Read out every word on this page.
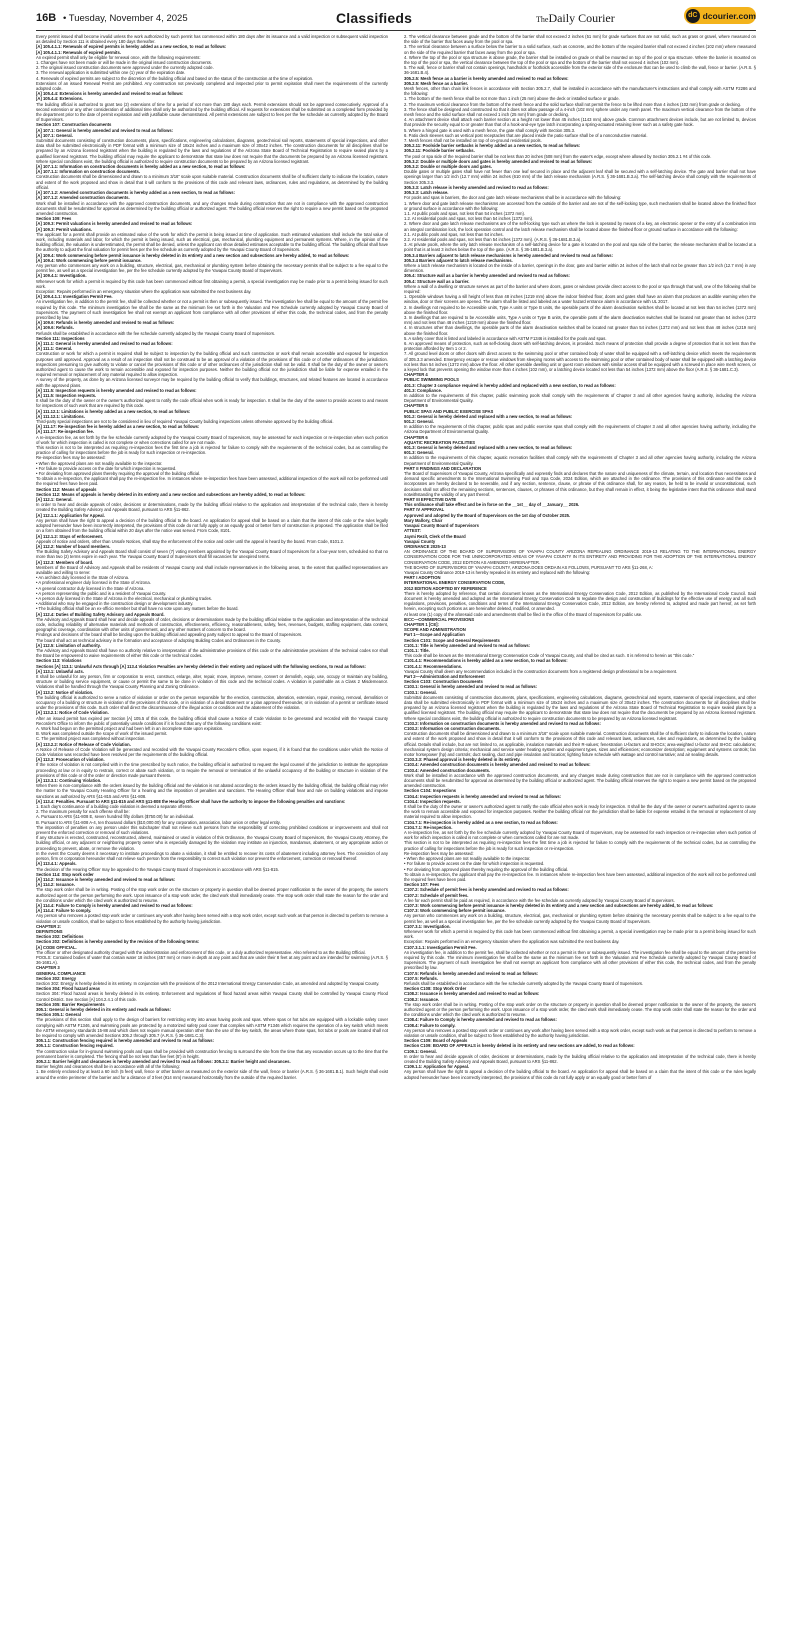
16B • Tuesday, November 4, 2025	Classifieds	TheDaily Courier	dC dcourier.com

Every permit issued shall become invalid unless the work authorized by such permit has commenced within 180 days after its issuance and a valid inspection or subsequent valid inspection as detailed by Section 111 is obtained every 180 days thereafter.

[A] 105.4.1.1: Renewals of expired permits is hereby added as a new section, to read as follows:

[A] 105.4.1.1: Renewals of expired permits.

An expired permit shall only be eligible for renewal once, with the following requirements:

1. Changes have not been made or will be made in the original issued construction documents.

2. The original issued construction documents were approved under the currently adopted code.

3. The renewal application is submitted within one (1) year of the expiration date.

4. Renewals of expired permits are subject to the discretion of the building official and based on the status of the construction at the time of expiration.

Extensions of an issued Renewal Permit are prohibited. Any construction not previously completed and inspected prior to permit expiration shall meet the requirements of the currently adopted code.

[A] 105.4.4: Extensions is hereby amended and revised to read as follows:

[A] 105.4.4: Extensions.

The building official is authorized to grant two (2) extensions of time for a period of not more than 180 days each. Permit extensions should not be approved consecutively. Approval of a second extension or any other consideration of additional time shall only be authorized by the building official. All requests for extensions shall be submitted on a completed form provided by the department prior to the date of permit expiration and with justifiable cause demonstrated. All permit extensions are subject to fees per the fee schedule as currently adopted by the Board of Supervisors.

Section 107: Construction documents

[A] 107.1: General is hereby amended and revised to read as follows:

[A] 107.1: General.

Submittal documents consisting of construction documents, plans, specifications, engineering calculations, diagrams, geotechnical soil reports, statements of special inspections, and other data shall be submitted electronically in PDF format with a minimum size of 18x24 inches and a maximum size of 30x42 inches. The construction documents for all disciplines shall be prepared by an Arizona licensed registrant when the building is regulated by the laws and regulations of the Arizona State Board of Technical Registration to require sealed plans by a qualified licensed registrant. The building official may require the applicant to demonstrate that state law does not require that the documents be prepared by an Arizona licensed registrant. Where special conditions exist, the building official is authorized to require construction documents to be prepared by an Arizona licensed registrant.

[A] 107.1.1: Information on construction documents is hereby added as a new section, to read as follows:

[A] 107.1.1: Information on construction documents.

Construction documents shall be dimensioned and drawn to a minimum 3/16" scale upon suitable material. Construction documents shall be of sufficient clarity to indicate the location, nature and extent of the work proposed and show in detail that it will conform to the provisions of this code and relevant laws, ordinances, rules and regulations, as determined by the building official.

[A] 107.1.2: Amended construction documents is hereby added as a new section, to read as follows:

[A] 107.1.2: Amended construction documents.

Work shall be installed in accordance with the approved construction documents, and any changes made during construction that are not in compliance with the approved construction documents shall be resubmitted for approval as determined by the building official or authorized agent. The building official reserves the right to require a new permit based on the proposed amended construction.

Section 109: Fees

[A] 109.3: Permit valuations is hereby amended and revised to read as follows:

[A] 109.3: Permit valuations.

The applicant for a permit shall provide an estimated value of the work for which the permit is being issued at time of application. Such estimated valuations shall include the total value of work, including materials and labor, for which the permit is being issued, such as electrical, gas, mechanical, plumbing equipment and permanent systems. Where, in the opinion of the building official, the valuation is underestimated, the permit shall be denied, unless the applicant can show detailed estimates acceptable to the building official. The building official shall have the authority to adjust the final valuation for permit fees per the fee schedule as currently adopted by the Yavapai County Board of Supervisors.

[A] 109.4: Work commencing before permit issuance is hereby deleted in its entirety and a new section and subsections are hereby added, to read as follows:

[A] 109.4: Work commencing before permit issuance.

Any person who commences any work on a building, structure, electrical, gas, mechanical or plumbing system before obtaining the necessary permits shall be subject to a fee equal to the permit fee, as well as a special investigation fee, per the fee schedule currently adopted by the Yavapai County Board of Supervisors.

[A] 109.4.1: Investigation.

Whenever work for which a permit is required by this code has been commenced without first obtaining a permit, a special investigation may be made prior to a permit being issued for such work.

Exception: Repairs performed in an emergency situation where the application was submitted the next business day.

[A] 109.4.1.1: Investigation Permit Fee.

An investigation fee, in addition to the permit fee, shall be collected whether or not a permit is then or subsequently issued. The investigation fee shall be equal to the amount of the permit fee required by this code. The minimum investigation fee shall be the same as the minimum fee set forth in the Valuation and Fee Schedule currently adopted by Yavapai County Board of Supervisors. The payment of such investigation fee shall not exempt an applicant from compliance with all other provisions of either this code, the technical codes, and from the penalty prescribed by law.

[A] 109.6: Refunds is hereby amended and revised to read as follows:

[A] 109.6: Refunds.

Refunds shall be established in accordance with the fee schedule currently adopted by the Yavapai County Board of Supervisors.

Section 111: Inspections

[A] 111.1: General is hereby amended and revised to read as follows:

[A] 111.1: General.

Construction or work for which a permit is required shall be subject to inspection by the building official and such construction or work shall remain accessible and exposed for inspection purposes until approved. Approval as a result of an inspection shall not be construed to be an approval of a violation of the provisions of this code or of other ordinances of the jurisdiction. Inspections presuming to give authority to violate or cancel the provisions of this code or of other ordinances of the jurisdiction shall not be valid. It shall be the duty of the owner or owner's authorized agent to cause the work to remain accessible and exposed for inspection purposes. Neither the building official nor the jurisdiction shall be liable for expense entailed in the required removal or replacement of any material required to allow inspection.

A survey of the property, as done by an Arizona licensed surveyor may be required by the building official to verify that buildings, structures, and related features are located in accordance with the approved plans.

[A] 111.5: Inspection requests is hereby amended and revised to read as follows:

[A] 111.5: Inspection requests.

It shall be the duty of the owner or the owner's authorized agent to notify the code official when work is ready for inspection. It shall be the duty of the owner to provide access to and means for inspections of such work that are required by this code.

[A] 111.12.1: Limitations is hereby added as a new section, to read as follows:

[A] 111.12.1: Limitations.

Third-party special inspections are not to be considered in lieu of required Yavapai County building inspections unless otherwise approved by the building official.

[A] 111.17: Re-inspection fee is hereby added as a new section, to read as follows:

[A] 111.17: Re-inspection fee.

A re-inspection fee, as set forth by the fee schedule currently adopted by the Yavapai County Board of Supervisors, may be assessed for each inspection or re-inspection when such portion of work for which inspection is called is not complete or when corrections called for are not made.

This section is not to be interpreted as requiring re-inspection fees the first time a job is rejected for failure to comply with the requirements of the technical codes, but as controlling the practice of calling for inspections before the job is ready for such inspection or re-inspection.

Re-inspection fees may be assessed:

• When the approved plans are not readily available to the inspector.

• For failure to provide access on the date for which inspection is requested.

• For deviating from approved plans thereby requiring the approval of the building official.

To obtain a re-inspection, the applicant shall pay the re-inspection fee. In instances where re-inspection fees have been assessed, additional inspection of the work will not be performed until the required fees have been paid.

Section 112: Means of appeals

Section 112: Means of appeals is hereby deleted in its entirety and a new section and subsections are hereby added, to read as follows:

[A] 112.1: General.

In order to hear and decide appeals of order, decisions or determinations, made by the building official relative to the application and interpretation of the technical code, there is hereby created the Building Safety Advisory and Appeals Board, pursuant to ARS §11-862.

[A] 112.1.1: Application for Appeal.

Any person shall have the right to appeal a decision of the building official to the board. An application for appeal shall be based on a claim that the intent of this code or the rules legally adopted hereunder have been incorrectly interpreted, the provisions of this code do not fully apply or an equally good or better form of construction is proposed. The application shall be filed on a form obtained from the building official within 20 days after the notice was served. From Code, 8101.

[A] 112.1.2: Stays of enforcement.

Appeals of notice and orders, other than Unsafe Notices, shall stay the enforcement of the notice and order until the appeal is heard by the board. From Code, 8101.2.

[A] 112.2: Number of board members.

The Building Safety Advisory and Appeals Board shall consist of seven (7) voting members appointed by the Yavapai County Board of Supervisors for a four-year term, scheduled so that no more than two (2) terms expire in each year. The Yavapai County Board of Supervisors shall fill vacancies for unexpired terms.

[A] 112.3: Members of board.

Members of the Board of Advisory and Appeals shall be residents of Yavapai County and shall include representatives in the following areas, to the extent that qualified representatives are available and willing to serve:

• An architect duly licensed in the State of Arizona.

• A professional engineer duly licensed in the State of Arizona.

• A general contractor duly licensed in the State of Arizona.

• A person representing the public and is a resident of Yavapai County.

• A person duly licensed in the State of Arizona in the electrical, mechanical or plumbing trades.

• Additional who may be engaged in the construction design or development industry.

• The building official shall be an ex-officio member but shall have no vote upon any matters before the board.

[A] 112.4: Duties of Building Safety Advisory and Appeals Board.

The Advisory and Appeals Board shall hear and decide appeals of order, decisions or determinations made by the building official relative to the application and interpretation of the technical code, including reliability of alternative materials and methods of construction, effectiveness, efficiency, reasonableness, safety, fees, revenues, budgets, staffing equipment, data content, geographic coverage, coordination with other units of government, and any other matters of concern to the board.

Findings and decisions of the board shall be binding upon the building official and appealing party subject to appeal to the Board of Supervisors.

The board shall act as technical advisory in the formation and acceptance of adopting Building Codes and Ordinances in the County.

[A] 112.5: Limitation of authority.

The Advisory and Appeals Board shall have no authority relative to interpretation of the administrative provisions of this code or the administrative provisions of the technical codes nor shall the Board be empowered to waive requirements of either this code or the technical codes.

Section 113: Violations

Sections [A] 113.1: Unlawful Acts through [A] 113.4 Violation Penalties are hereby deleted in their entirety and replaced with the following sections, to read as follows:

[A] 113.1: Unlawful acts.

It shall be unlawful for any person, firm or corporation to erect, construct, enlarge, alter, repair, move, improve, remove, convert or demolish, equip, use, occupy or maintain any building, structure or building service equipment, or cause or permit the same to be done in violation of this code and the technical codes. A violation is punishable as a Class 2 Misdemeanor. Violations shall be handled through the Yavapai County Planning and Zoning Ordinance.

[A] 113.2: Notice of violation.

The building official is authorized to serve a notice of violation or order on the person responsible for the erection, construction, alteration, extension, repair, moving, removal, demolition or occupancy of a building or structure in violation of the provisions of this code, or in violation of a detail statement or a plan approved thereunder, or in violation of a permit or certificate issued under the provisions of this code. Such order shall direct the discontinuance of the illegal action or condition and the abatement of the violation.

[A] 113.2.1: Notice of Code Violation.

After an issued permit has expired per Section [A] 105.5 of this code, the building official shall cause a Notice of Code Violation to be generated and recorded with the Yavapai County Recorder's Office to inform the public of potentially unsafe conditions if it is found that any of the following conditions exist:

A. Work had begun on the permitted project and had been left in an incomplete state upon expiration.

B. Work was completed outside the scope of work of the issued permit.

C. The permitted project was completed without inspection.

[A] 113.2.2: Notice of Release of Code Violation.

A Notice of Release of Code Violation will be generated and recorded with the Yavapai County Recorder's Office, upon request, if it is found that the conditions under which the Notice of Code Violation was recorded have been resolved per the requirements of the building official.

[A] 113.3: Prosecution of violation.

If the notice of violation is not complied with in the time prescribed by such notice, the building official is authorized to request the legal counsel of the jurisdiction to institute the appropriate proceeding at law or in equity to restrain, correct or abate such violation, or to require the removal or termination of the unlawful occupancy of the building or structure in violation of the provisions of this code or of the order or direction made pursuant thereto.

[A] 113.3.1: Continuing Violation.

When there is non-compliance with the orders issued by the building official and the violation is not abated according to the orders issued by the building official, the building official may refer the matter to the Yavapai County Hearing Officer for a hearing and the imposition of penalties and sanctions. The Hearing Officer shall hear and rule on building violations and impose sanctions as authorized by ARS §11-815 and ARS §11-808.

[A] 113.4: Penalties. Pursuant to ARS §11-815 and ARS §11-808 the Hearing Officer shall have the authority to impose the following penalties and sanctions:

1. Each day's continuance of a building code violation is deemed a separate offense.

2. The maximum penalty for each offense shall be:

A. Pursuant to ARS §11-808 E, seven hundred fifty dollars ($750.00) for an individual.

B. Pursuant to ARS §11-808 A-4, ten thousand dollars ($10,000.00) for any corporation, association, labor union or other legal entity.

The imposition of penalties on any person under this subchapter shall not relieve such persons from the responsibility of correcting prohibited conditions or improvements and shall not prevent the enforced correction or removal of such violations.

If any structure is erected, constructed, reconstructed, altered, maintained or used in violation of this Ordinance, the Yavapai County Board of Supervisors, the Yavapai County Attorney, the building official, or any adjacent or neighboring property owner who is especially damaged by the violation may institute an injunction, mandamus, abatement, or any appropriate action or proceeding to prevent, abate, or remove the violation.

In the event the County deems it necessary to institute proceedings to abate a violation, it shall be entitled to recover its costs of abatement including attorney fees. The conviction of any person, firm or corporation hereunder shall not relieve such person from the responsibility to correct such violation nor prevent the enforcement, correction or removal thereof.

[A] 113.4.1: Appeals.

The decision of the Hearing Officer may be appealed to the Yavapai County Board of Supervisors in accordance with ARS §11-815.

Section 114: Stop work order

[A] 114.2: Issuance is hereby amended and revised to read as follows:

[A] 114.2: Issuance.

The stop work order shall be in writing. Posting of the stop work order on the structure or property in question shall be deemed proper notification to the owner of the property, the owner's authorized agent or the person performing the work. Upon issuance of a stop work order, the cited work shall immediately cease. The stop work order shall state the reason for the order and the conditions under which the cited work is authorized to resume.

[A] 114.4: Failure to Comply is hereby amended and revised to read as follows:

[A] 114.4: Failure to comply.

Any person who removes a posted stop work order or continues any work after having been served with a stop work order, except such work as that person is directed to perform to remove a violation or unsafe condition, shall be subject to fines established by the authority having jurisdiction.

CHAPTER 2:

DEFINITIONS

Section 202: Definitions

Section 202: Definitions is hereby amended by the revision of the following terms:

[A] CODE OFFICIAL.

The officer or other designated authority charged with the administration and enforcement of this code, or a duly authorized representative. Also referred to as the Building Official.

POOLS: Contained bodies of water that contain water 18 inches (457 mm) or more in depth at any point and that are under their 8 feet at any point and are intended for swimming (A.R.S. § 36-1681.A).

CHAPTER 3

GENERAL COMPLIANCE

Section 302: Energy

Section 302: Energy is hereby deleted in its entirety. In conjunction with the provisions of the 2012 International Energy Conservation Code, as amended and adopted by Yavapai County.

Section 304: Flood hazard areas

Section 304: Flood hazard areas is hereby deleted in its entirety. Enforcement and regulations of flood hazard areas within Yavapai County shall be controlled by Yavapai County Flood Control District. See Section [A] 104.2.4.1 of this code.

Section 305: Barrier Requirements

305.1: General is hereby deleted in its entirety and reads as follows:

Section 305.1: General

The provisions of this section shall apply to the design of barriers for restricting entry into areas having pools and spas. Where spas or hot tubs are equipped with a lockable safety cover complying with ASTM F1346, and swimming pools are protected by a motorized safety pool cover that complies with ASTM F1346 which requires the operation of a key switch which meets the ASTM emergency standards 15-88 and which does not require manual operation other than the use of the key switch, the areas where those spas, hot tubs or pools are located shall not be required to comply with amended Sections 305.2 through 305.7 (A.R.S. § 36-1681.C.3).

305.1.1: Construction fencing required is hereby amended and revised to read as follows:

305.1.1: Construction fencing required.

The construction value for in-ground swimming pools and spas shall be provided with construction fencing to surround the site from the time that any excavation occurs up to the time that the permanent barrier is completed. The fencing shall be not less than five feet (5') in height.

305.2.1: Barrier height and clearances is hereby amended and revised to read as follows: 305.2.1: Barrier height and clearances.

Barrier heights and clearances shall be in accordance with all of the following:

1. Be entirely enclosed by at least a 60 inch (5 feet) wall, fence or other barrier as measured on the exterior side of the wall, fence or barrier (A.R.S. § 36-1681.B.1). Such height shall exist around the entire perimeter of the barrier and for a distance of 3 feet (914 mm) measured horizontally from the outside of the required barrier.

2. The vertical clearance between grade and the bottom of the barrier shall not exceed 2 inches (51 mm) for grade surfaces that are not solid, such as grass or gravel, where measured on the side of the barrier that faces away from the pool or spa.

3. The vertical clearance between a surface below the barrier to a solid surface, such as concrete, and the bottom of the required barrier shall not exceed 4 inches (102 mm) where measured on the side of the required barrier that faces away from the pool or spa.

4. Where the top of the pool or spa structure is above grade, the barrier shall be installed on grade or shall be mounted on top of the pool or spa structure. Where the barrier is mounted on the top of the pool or spa, the vertical clearance between the top of the pool or spa and the bottom of the barrier shall not exceed 4 inches (102 mm).

5. The wall, fence or barrier shall not contain openings, handholds or footholds accessible from the exterior side of the enclosure that can be used to climb the wall, fence or barrier. (A.R.S. § 36-1681.B.4).

305.2.5: Mesh fence as a barrier is hereby amended and revised to read as follows:

305.2.5: Mesh fence as a barrier.

Mesh fences, other than chain link fences in accordance with Section 305.2.7, shall be installed in accordance with the manufacturer's instructions and shall comply with ASTM F2286 and the following:

1. The bottom of the mesh fence shall be not more than 1 inch (25 mm) above the deck or installed surface or grade.

2. The maximum vertical clearance from the bottom of the mesh fence and the solid surface shall not permit the fence to be lifted more than 4 inches (102 mm) from grade or decking.

3. The fence shall be designed and constructed so that it does not allow passage of a 4-inch (102 mm) sphere under any mesh panel. The maximum vertical clearance from the bottom of the mesh fence and the solid surface shall not exceed 1 inch (25 mm) from grade or decking.

4. An attachment device shall attach each barrier section at a height not lower than 45 inches (1143 mm) above grade. Common attachment devices include, but are not limited to, devices that provide the security equal to or greater than that of a hook-and-eye type latch incorporating a spring-actuated retaining lever such as a safety gate hook.

5. Where a hinged gate is used with a mesh fence, the gate shall comply with Section 305.3.

6. Patio deck sleeves such as vertical post receptacles that are placed inside the patio surface shall be of a nonconductive material.

7. Mesh fences shall not be installed on top of on-ground residential pools.

305.2.11: Poolside barrier setbacks is hereby added as a new section, to read as follows:

305.2.11: Poolside barrier setbacks.

The pool or spa side of the required barrier shall be not less than 20 inches (508 mm) from the water's edge, except where allowed by Section 305.2.1 #4 of this code.

305.3.2: Double or multiple doors and gates is hereby amended and revised to read as follows:

305.3.2: Double or multiple doors and gates.

Double gates or multiple gates shall have not fewer than one leaf secured in place and the adjacent leaf shall be secured with a self-latching device. The gate and barrier shall not have openings larger than 1/2 inch (12.7 mm) within 24 inches (610 mm) of the latch release mechanism (A.R.S. § 36-1681.B.3.a). The self-latching device shall comply with the requirements of Section 305.3.3.

305.3.3: Latch release is hereby amended and revised to read as follows:

305.3.3: Latch release.

For pools and spas in barriers, the door and gate latch release mechanisms shall be in accordance with the following:

1. Where door and gate latch release mechanisms are accessed from the outside of the barrier and are not of the self-locking type, such mechanism shall be located above the finished floor or ground surface in accordance with the following:

1.1. At public pools and spas, not less than 54 inches (1372 mm).

1.2. At residential pools and spas, not less than 54 inches (1372 mm).

2. Where door and gate latch release mechanisms are of the self-locking type such as where the lock is operated by means of a key, an electronic opener or the entry of a combination into an integral combination lock, the lock operation control and the latch release mechanism shall be located above the finished floor or ground surface in accordance with the following:

2.1. At public pools and spas, not less than 54 inches.

2.2. At residential pools and spas, not less than 54 inches (1372 mm). (A.R.S. § 36-1681.B.3.a).

3. At private pools, where the only latch release mechanism of a self-latching device for a gate is located on the pool and spa side of the barrier, the release mechanism shall be located at a point that is at least 3 inches below the top of the gate. (A.R.S. § 36-1681.B.3.a).

305.3.4 Barriers adjacent to latch release mechanisms is hereby amended and revised to read as follows:

305.3.4 Barriers adjacent to latch release mechanisms.

Where a latch release mechanism is located on the inside of a barrier, openings in the door, gate and barrier within 24 inches of the latch shall not be greater than 1/2 inch (12.7 mm) in any dimension.

305.4: Structure wall as a barrier is hereby amended and revised to read as follows:

305.4: Structure wall as a barrier.

Where a wall of a dwelling or structure serves as part of the barrier and where doors, gates or windows provide direct access to the pool or spa through that wall, one of the following shall be required:

1. Operable windows having a sill height of less than 48 inches (1219 mm) above the indoor finished floor, doors and gates shall have an alarm that produces an audible warning when the window, door or their screens are opened. The alarm shall be listed and labeled as a water hazard entrance alarm in accordance with UL 2017.

2. In dwellings not required to be Accessible units, Type A units or Type B units, the operable parts of the alarm deactivation switches shall be located at not less than 54 inches (1372 mm) above the finished floor.

3. In dwellings that are required to be Accessible units, Type A units or Type B units, the operable parts of the alarm deactivation switches shall be located not greater than 54 inches (1372 mm) and not less than 48 inches (1219 mm) above the finished floor.

4. In structures other than dwellings, the operable parts of the alarm deactivation switches shall be located not greater than 54 inches (1372 mm) and not less than 48 inches (1219 mm) above the finished floor.

5. A safety cover that is listed and labeled in accordance with ASTM F1346 is installed for the pools and spas.

6. An approved means of protection, such as self-closing doors with self-latching devices, is provided. Such means of protection shall provide a degree of protection that is not less than the protection afforded by Item 1 or 2.

7. All ground level doors or other doors with direct access to the swimming pool or other contained body of water shall be equipped with a self-latching device which meets the requirements of 305.3.3 amended. Emergency escape or rescue windows from sleeping rooms with access to the swimming pool or other contained body of water shall be equipped with a latching device not less than 54 inches (1372 mm) above the floor. All other operable dwelling unit or guest room windows with similar access shall be equipped with a screwed in place wire mesh screen, or a keyed lock that prevents opening the window more than 4 inches (102 mm), or a latching device located not less than 54 inches (1372 mm) above the floor (A.R.S. § 36-1681.C.3).

CHAPTER 4

PUBLIC SWIMMING POOLS

401.3: Chapter 3 compliance required is hereby added and replaced with a new section, to read as follows:

401.3: Compliance.

In addition to the requirements of this chapter, public swimming pools shall comply with the requirements of Chapter 3 and all other agencies having authority, including the Arizona Department of Environmental Quality.

CHAPTER 5

PUBLIC SPAS AND PUBLIC EXERCISE SPAS

501.2: General is hereby deleted and replaced with a new section, to read as follows:

501.2: General.

In addition to the requirements of this chapter, public spas and public exercise spas shall comply with the requirements of Chapter 3 and all other agencies having authority, including the Arizona Department of Environmental Quality.

CHAPTER 6

AQUATIC RECREATION FACILITIES

601.3: General is hereby deleted and replaced with a new section, to read as follows:

601.3: General.

In addition to the requirements of this chapter, aquatic recreation facilities shall comply with the requirements of Chapter 3 and all other agencies having authority, including the Arizona Department of Environmental Quality.

PART II FINDINGS AND DECLARATION

The Board of Supervisors of Yavapai County, Arizona specifically and expressly finds and declares that the nature and uniqueness of the climate, terrain, and location thus necessitates and demand specific amendments to the International Swimming Pool and Spa Code, 2024 Edition, which are attached in the ordinance. The provisions of this ordinance and the code it incorporates are hereby declared to be severable, and if any section, sentence, clause, or phrase of this ordinance shall, for any reason, be held to be invalid or unconstitutional, such decisions shall not affect the remaining sections, sentences, clauses, or phrases of this ordinance, but they shall remain in effect, it being the legislative intent that this ordinance shall stand notwithstanding the validity of any part thereof.

PART III EFFECTIVE DATE

This ordinance shall take effect and be in force on the __1st__ day of __January__ 2026.

PART IV APPROVAL

Approved and adopted by the Board of Supervisors on the 1st day of October 2025.

Mary Mallory, Chair

Yavapai County Board of Supervisors

ATTEST:

Jaymi Rezit, Clerk of the Board

Yavapai County

ORDINANCE 2025-13

AN ORDINANCE OF THE BOARD OF SUPERVISORS OF YAVAPAI COUNTY ARIZONA REPEALING ORDINANCE 2019-13 RELATING TO THE INTERNATIONAL ENERGY CONSERVATION CODE FOR THE UNINCORPORATED AREAS OF YAVAPAI COUNTY IN ITS ENTIRETY AND PROVIDING FOR THE ADOPTION OF THE INTERNATIONAL ENERGY CONSERVATION CODE, 2012 EDITION AS AMENDED HEREINAFTER.

THE BOARD OF SUPERVISORS OF YAVAPAI COUNTY, ARIZONA DOES ORDAIN AS FOLLOWS, PURSUANT TO ARS §11-268, A:

Yavapai County Ordinance 2019-13 is hereby repealed in its entirety and replaced with the following:

PART I ADOPTION

INTERNATIONAL ENERGY CONSERVATION CODE,

2012 EDITION ADOPTED BY REFERENCE

There is hereby adopted by reference, that certain document known as the International Energy Conservation Code, 2012 Edition, as published by the International Code Council. Said document is hereby amended and adopted as the International Energy Conservation Code to regulate the design and construction of buildings for the effective use of energy and all such regulations, provisions, penalties, conditions and terms of the International Energy Conservation Code, 2012 Edition, are hereby referred to, adopted and made part hereof, as set forth herein, excepting such portions as are hereinafter deleted, modified, or amended.

At least one (1) copy of the aforesaid code and amendments shall be filed in the office of the Board of Supervisors for public use.

IECC—COMMERCIAL PROVISIONS

CHAPTER 1 [CE]:

SCOPE AND ADMINISTRATION

Part 1—Scope and Application

Section C101: Scope and General Requirements

C101.1: Title is hereby amended and revised to read as follows:

C101.1: Title.

This code shall be known as the International Energy Conservation Code of Yavapai County, and shall be cited as such. It is referred to herein as "this code."

C101.4.1: Recommendations is hereby added as a new section, to read as follows:

C101.4.1: Recommendations.

Yavapai County shall deem any recommendation included in the construction documents from a registered design professional to be a requirement.

Part 2—Administration and Enforcement

Section C103: Construction Documents

C103.1: General is hereby amended and revised to read as follows:

C103.1: General.

Submittal documents consisting of construction documents, plans, specifications, engineering calculations, diagrams, geotechnical and reports, statements of special inspections, and other data shall be submitted electronically in PDF format with a minimum size of 18x24 inches and a maximum size of 30x42 inches. The construction documents for all disciplines shall be prepared by an Arizona licensed registrant when the building is regulated by the laws and regulations of the Arizona State Board of Technical Registration to require sealed plans by a qualified licensed registrant. The building official may require the applicant to demonstrate that state law does not require that the documents be prepared by an Arizona licensed registrant. Where special conditions exist, the building official is authorized to require construction documents to be prepared by an Arizona licensed registrant.

C103.2: Information on construction documents is hereby amended and revised to read as follows:

C103.2: Information on construction documents.

Construction documents shall be dimensioned and drawn to a minimum 3/16" scale upon suitable material. Construction documents shall be of sufficient clarity to indicate the location, nature and extent of the work proposed and show in detail that it will conform to the provisions of this code and relevant laws, ordinances, rules and regulations, as determined by the building official. Details shall include, but are not limited to, as applicable, insulation materials and their R-values; fenestration U-factors and SHGCs; area-weighted U-factor and SHGC calculations; mechanical system design criteria; mechanical and service water heating system and equipment types, sizes and efficiencies; economizer description; equipment and systems controls; fan motor horsepower (hp) and controls; duct sealing, duct and pipe insulation and location; lighting fixture schedule with wattage and control narrative; and air sealing details.

C103.3.3: Phased approval is hereby deleted in its entirety.

C103.4: Amended construction documents is hereby amended and revised to read as follows:

C103.4: Amended construction documents.

Work shall be installed in accordance with the approved construction documents, and any changes made during construction that are not in compliance with the approved construction documents shall be resubmitted for approval as determined by the building official or authorized agent. The building official reserves the right to require a new permit based on the proposed amended construction.

Section C104: Inspections

C104.4: Inspection requests is hereby amended and revised to read as follows:

C104.4: Inspection requests.

It shall be the duty of the owner or owner's authorized agent to notify the code official when work is ready for inspection. It shall be the duty of the owner or owner's authorized agent to cause the work to remain accessible and exposed for inspection purposes. Neither the building official nor the jurisdiction shall be liable for expense entailed in the removal or replacement of any material required to allow inspection.

C104.7.1: Re-inspection is hereby added as a new section, to read as follows:

C104.7.1: Re-inspection.

A re-inspection fee, as set forth by the fee schedule currently adopted by Yavapai County Board of Supervisors, may be assessed for each inspection or re-inspection when such portion of work for which inspection is called is not complete or when corrections called for are not made.

This section is not to be interpreted as requiring re-inspection fees the first time a job is rejected for failure to comply with the requirements of the technical codes, but as controlling the practice of calling for inspections before the job is ready for such inspection or re-inspection.

Re-inspection fees may be assessed:

• When the approved plans are not readily available to the inspector.

• For failure to provide access on the date for which inspection is requested.

• For deviating from approved plans thereby requiring the approval of the building official.

To obtain a re-inspection, the applicant shall pay the re-inspection fee. In instances where re-inspection fees have been assessed, additional inspection of the work will not be performed until the required fees have been paid.

Section 107: Fees

C107.2: Schedule of permit fees is hereby amended and revised to read as follows:

C107.2: Schedule of permit fees.

A fee for each permit shall be paid as required, in accordance with the fee schedule as currently adopted by Yavapai County Board of Supervisors.

C107.3: Work commencing before permit issuance is hereby deleted in its entirety and a new section and subsections are hereby added, to read as follows:

C107.3: Work commencing before permit issuance.

Any person who commences any work on a building, structure, electrical, gas, mechanical or plumbing system before obtaining the necessary permits shall be subject to a fee equal to the permit fee, as well as a special investigation fee, per the fee schedule currently adopted by the Yavapai County Board of Supervisors.

C107.3.1: Investigation.

Whenever work for which a permit is required by this code has been commenced without first obtaining a permit, a special investigation may be made prior to a permit being issued for such work.

Exception: Repairs performed in an emergency situation where the application was submitted the next business day.

C107.3.1.1: Investigation Permit Fee.

An investigation fee, in addition to the permit fee, shall be collected whether or not a permit is then or subsequently issued. The investigation fee shall be equal to the amount of the permit fee required by this code. The minimum investigation fee shall be the same as the minimum fee set forth in the Valuation and Fee Schedule currently adopted by Yavapai County Board of Supervisors. The payment of such investigation fee shall not exempt an applicant from compliance with all other provisions of either this code, the technical codes, and from the penalty prescribed by law.

C107.5: Refunds is hereby amended and revised to read as follows:

C107.5: Refunds.

Refunds shall be established in accordance with the fee schedule currently adopted by the Yavapai County Board of Supervisors.

Section C108: Stop Work Order

C108.2: Issuance is hereby amended and revised to read as follows:

C108.2: Issuance.

The stop work order shall be in writing. Posting of the stop work order on the structure or property in question shall be deemed proper notification to the owner of the property, the owner's authorized agent or the person performing the work. Upon issuance of a stop work order, the cited work shall immediately cease. The stop work order shall state the reason for the order and the conditions under which the cited work is authorized to resume.

C108.4: Failure to Comply is hereby amended and revised to read as follows:

C108.4: Failure to comply.

Any person who removes a posted stop work order or continues any work after having been served with a stop work order, except such work as that person is directed to perform to remove a violation or unsafe condition, shall be subject to fines established by the authority having jurisdiction.

Section C109: Board of Appeals

Section C109: BOARD OF APPEALS is hereby deleted in its entirety and new sections are added, to read as follows:

C109.1: General.

In order to hear and decide appeals of order, decisions or determinations, made by the building official relative to the application and interpretation of the technical code, there is hereby created the Building Safety Advisory and Appeals Board, pursuant to ARS §11-862.

C109.1.1: Application for Appeal.

Any person shall have the right to appeal a decision of the building official to the board. An application for appeal shall be based on a claim that the intent of this code or the rules legally adopted hereunder have been incorrectly interpreted, the provisions of this code do not fully apply or an equally good or better form of
